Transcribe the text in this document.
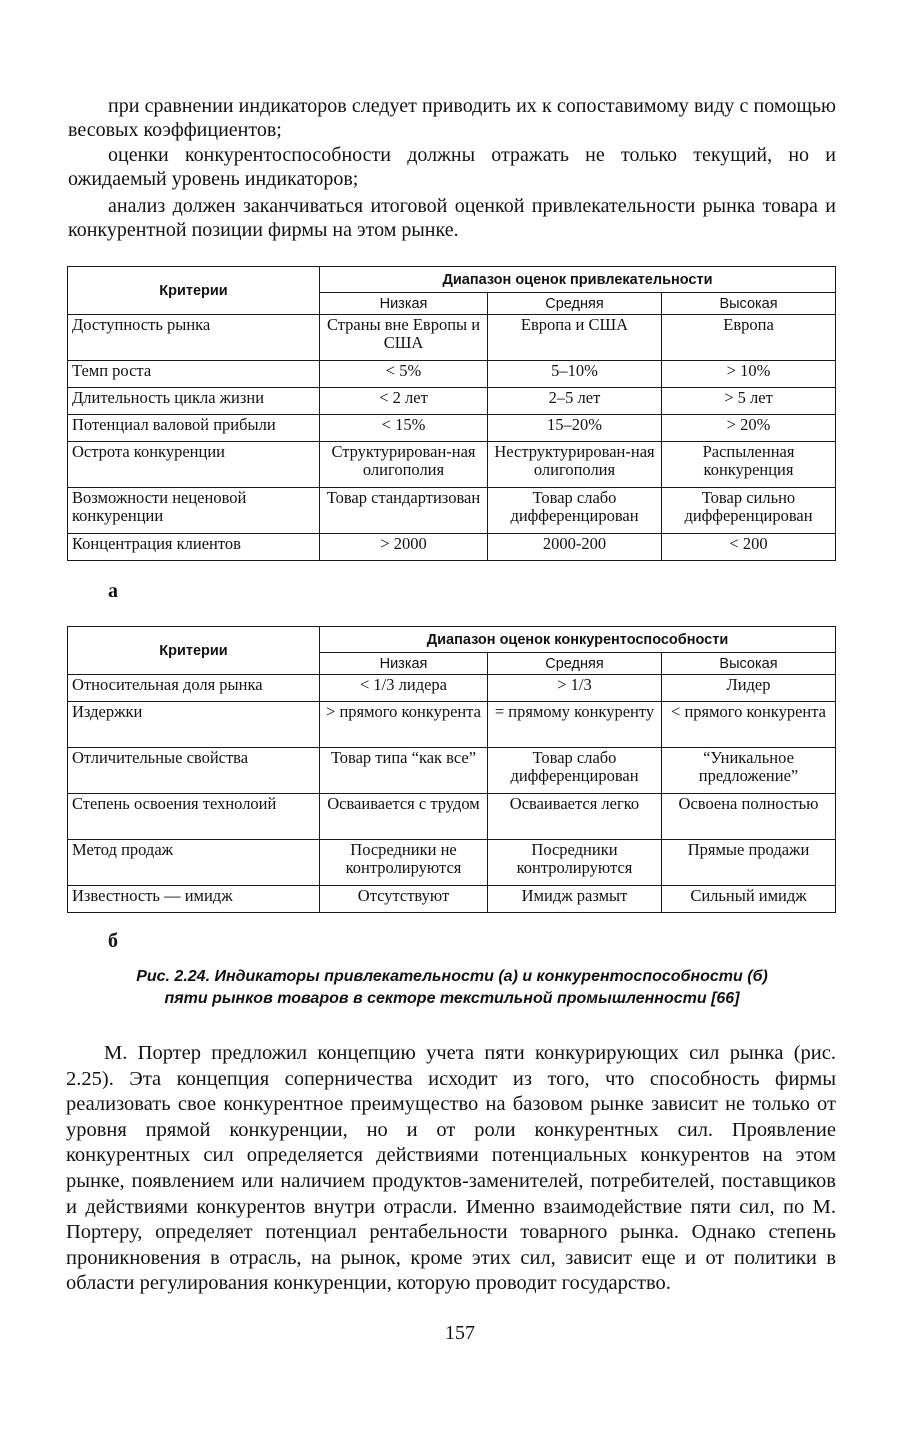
при сравнении индикаторов следует приводить их к сопоставимому виду с помощью весовых коэффициентов;

оценки конкурентоспособности должны отражать не только текущий, но и ожидаемый уровень индикаторов;

анализ должен заканчиваться итоговой оценкой привлекательности рынка товара и конкурентной позиции фирмы на этом рынке.

Критерии	Диапазон оценок привлекательности		
	Низкая	Средняя	Высокая
Доступность рынка	Страны вне Европы и США	Европа и США	Европа
Темп роста	< 5%	5–10%	> 10%
Длительность цикла жизни	< 2 лет	2–5 лет	> 5 лет
Потенциал валовой прибыли	< 15%	15–20%	> 20%
Острота конкуренции	Структурирован-ная олигополия	Неструктурирован-ная олигополия	Распыленная конкуренция
Возможности неценовой конкуренции	Товар стандартизован	Товар слабо дифференцирован	Товар сильно дифференцирован
Концентрация клиентов	> 2000	2000-200	< 200
а
Критерии	Диапазон оценок конкурентоспособности		
	Низкая	Средняя	Высокая
Относительная доля рынка	< 1/3 лидера	> 1/3	Лидер
Издержки	> прямого конкурента	= прямому конкуренту	< прямого конкурента
Отличительные свойства	Товар типа “как все”	Товар слабо дифференцирован	“Уникальное предложение”
Степень освоения технолоий	Осваивается с трудом	Осваивается легко	Освоена полностью
Метод продаж	Посредники не контролируются	Посредники контролируются	Прямые продажи
Известность — имидж	Отсутствуют	Имидж размыт	Сильный имидж
б
Рис. 2.24. Индикаторы привлекательности (а) и конкурентоспособности (б)
пяти рынков товаров в секторе текстильной промышленности [66]

М. Портер предложил концепцию учета пяти конкурирующих сил рынка (рис. 2.25). Эта концепция соперничества исходит из того, что способность фирмы реализовать свое конкурентное преимущество на базовом рынке зависит не только от уровня прямой конкуренции, но и от роли конкурентных сил. Проявление конкурентных сил определяется действиями потенциальных конкурентов на этом рынке, появлением или наличием продуктов-заменителей, потребителей, поставщиков и действиями конкурентов внутри отрасли. Именно взаимодействие пяти сил, по М. Портеру, определяет потенциал рентабельности товарного рынка. Однако степень проникновения в отрасль, на рынок, кроме этих сил, зависит еще и от политики в области регулирования конкуренции, которую проводит государство.

157
